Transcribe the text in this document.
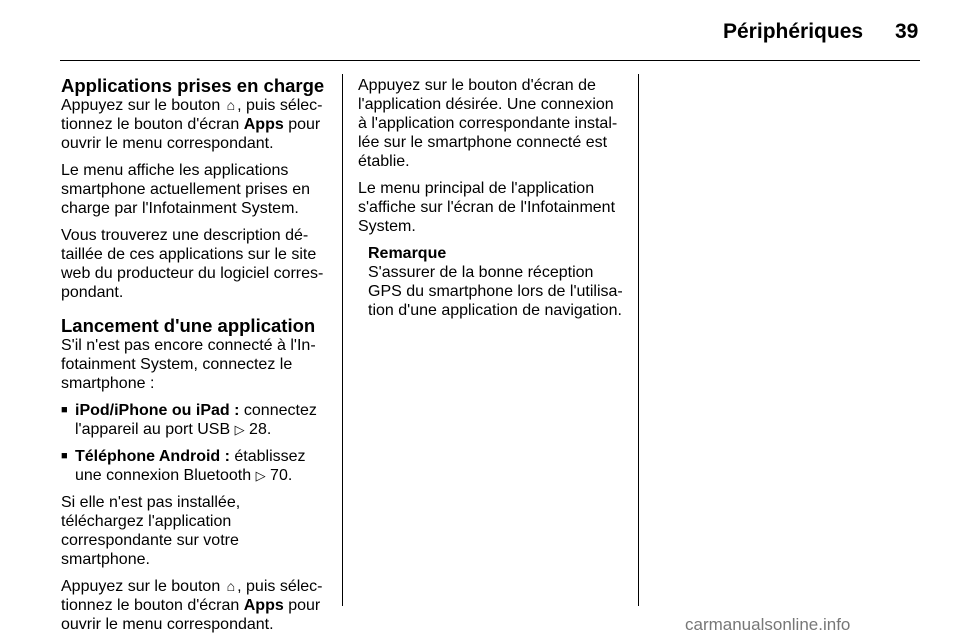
Périphériques 39
Applications prises en charge

Appuyez sur le bouton ⌂ , puis sélec-tionnez le bouton d'écran Apps pour ouvrir le menu correspondant.

Le menu affiche les applications smartphone actuellement prises en charge par l'Infotainment System.

Vous trouverez une description dé-taillée de ces applications sur le site web du producteur du logiciel corres-pondant.

Lancement d'une application

S'il n'est pas encore connecté à l'In-fotainment System, connectez le smartphone :

■ iPod/iPhone ou iPad : connectez l'appareil au port USB ▷ 28.
■ Téléphone Android : établissez une connexion Bluetooth ▷ 70.

Si elle n'est pas installée, téléchargez l'application correspondante sur votre smartphone.

Appuyez sur le bouton ⌂ , puis sélec-tionnez le bouton d'écran Apps pour ouvrir le menu correspondant.

Appuyez sur le bouton d'écran de l'application désirée. Une connexion à l'application correspondante instal-lée sur le smartphone connecté est établie.

Le menu principal de l'application s'affiche sur l'écran de l'Infotainment System.

Remarque
S'assurer de la bonne réception GPS du smartphone lors de l'utilisa-tion d'une application de navigation.
carmanualsonline.info
